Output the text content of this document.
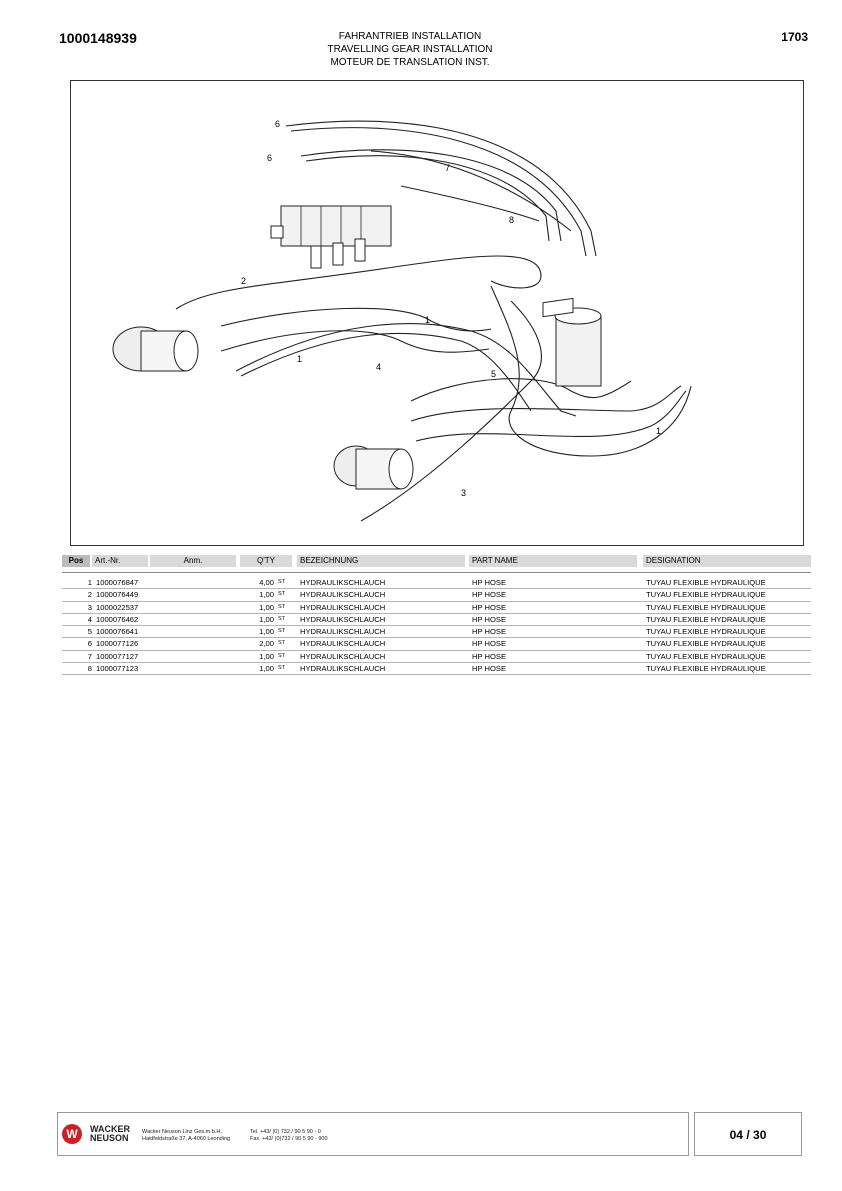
1000148939	FAHRANTRIEB INSTALLATION
TRAVELLING GEAR INSTALLATION
MOTEUR DE TRANSLATION INST.
1703
6
6
7
8
2
1
1
4
5
1
3
Pos	Art.-Nr.	Anm.	Q'TY	BEZEICHNUNG	PART NAME	DESIGNATION
1 1000076847	4,00 ST HYDRAULIKSCHLAUCH	HP HOSE	TUYAU FLEXIBLE HYDRAULIQUE
2 1000076449	1,00 ST HYDRAULIKSCHLAUCH	HP HOSE	TUYAU FLEXIBLE HYDRAULIQUE
3 1000022537	1,00 ST HYDRAULIKSCHLAUCH	HP HOSE	TUYAU FLEXIBLE HYDRAULIQUE
4 1000076462	1,00 ST HYDRAULIKSCHLAUCH	HP HOSE	TUYAU FLEXIBLE HYDRAULIQUE
5 1000076641	1,00 ST HYDRAULIKSCHLAUCH	HP HOSE	TUYAU FLEXIBLE HYDRAULIQUE
6 1000077126	2,00 ST HYDRAULIKSCHLAUCH	HP HOSE	TUYAU FLEXIBLE HYDRAULIQUE
7 1000077127	1,00 ST HYDRAULIKSCHLAUCH	HP HOSE	TUYAU FLEXIBLE HYDRAULIQUE
8 1000077123	1,00 ST HYDRAULIKSCHLAUCH	HP HOSE	TUYAU FLEXIBLE HYDRAULIQUE
W	WACKER
NEUSON
Wacker Neuson Linz Ges.m.b.H.
Haidfeldstraße 37, A-4060 Leonding
Tel. +43/ (0) 732 / 90 5 90 - 0
Fax. +43/ (0)732 / 90 5 90 - 900	04 / 30
